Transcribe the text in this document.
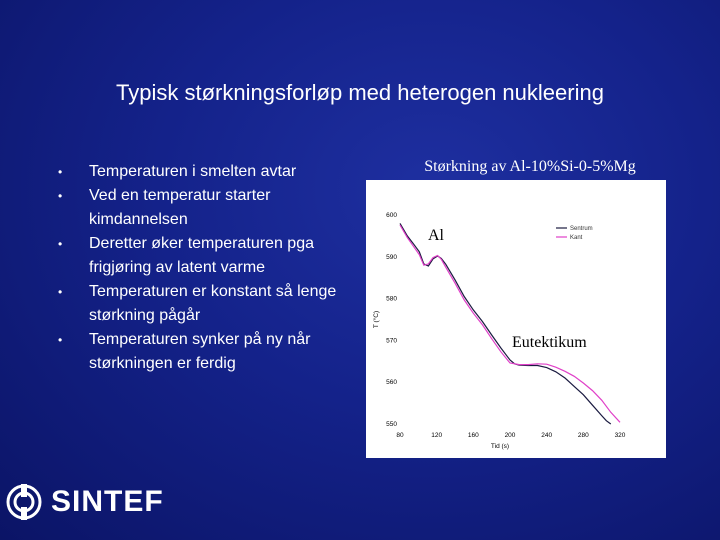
Typisk størkningsforløp med heterogen nukleering
• Temperaturen i smelten avtar
• Ved en temperatur starter kimdannelsen
• Deretter øker temperaturen pga frigjøring av latent varme
• Temperaturen er konstant så lenge størkning pågår
• Temperaturen synker på ny når størkningen er ferdig
Størkning av Al-10%Si-0-5%Mg
Tid (s)
T (°C)
80	120	160	200	240	280	320
550
560
570
580
590
600
Sentrum
Kant
Al
Eutektikum
SINTEF
